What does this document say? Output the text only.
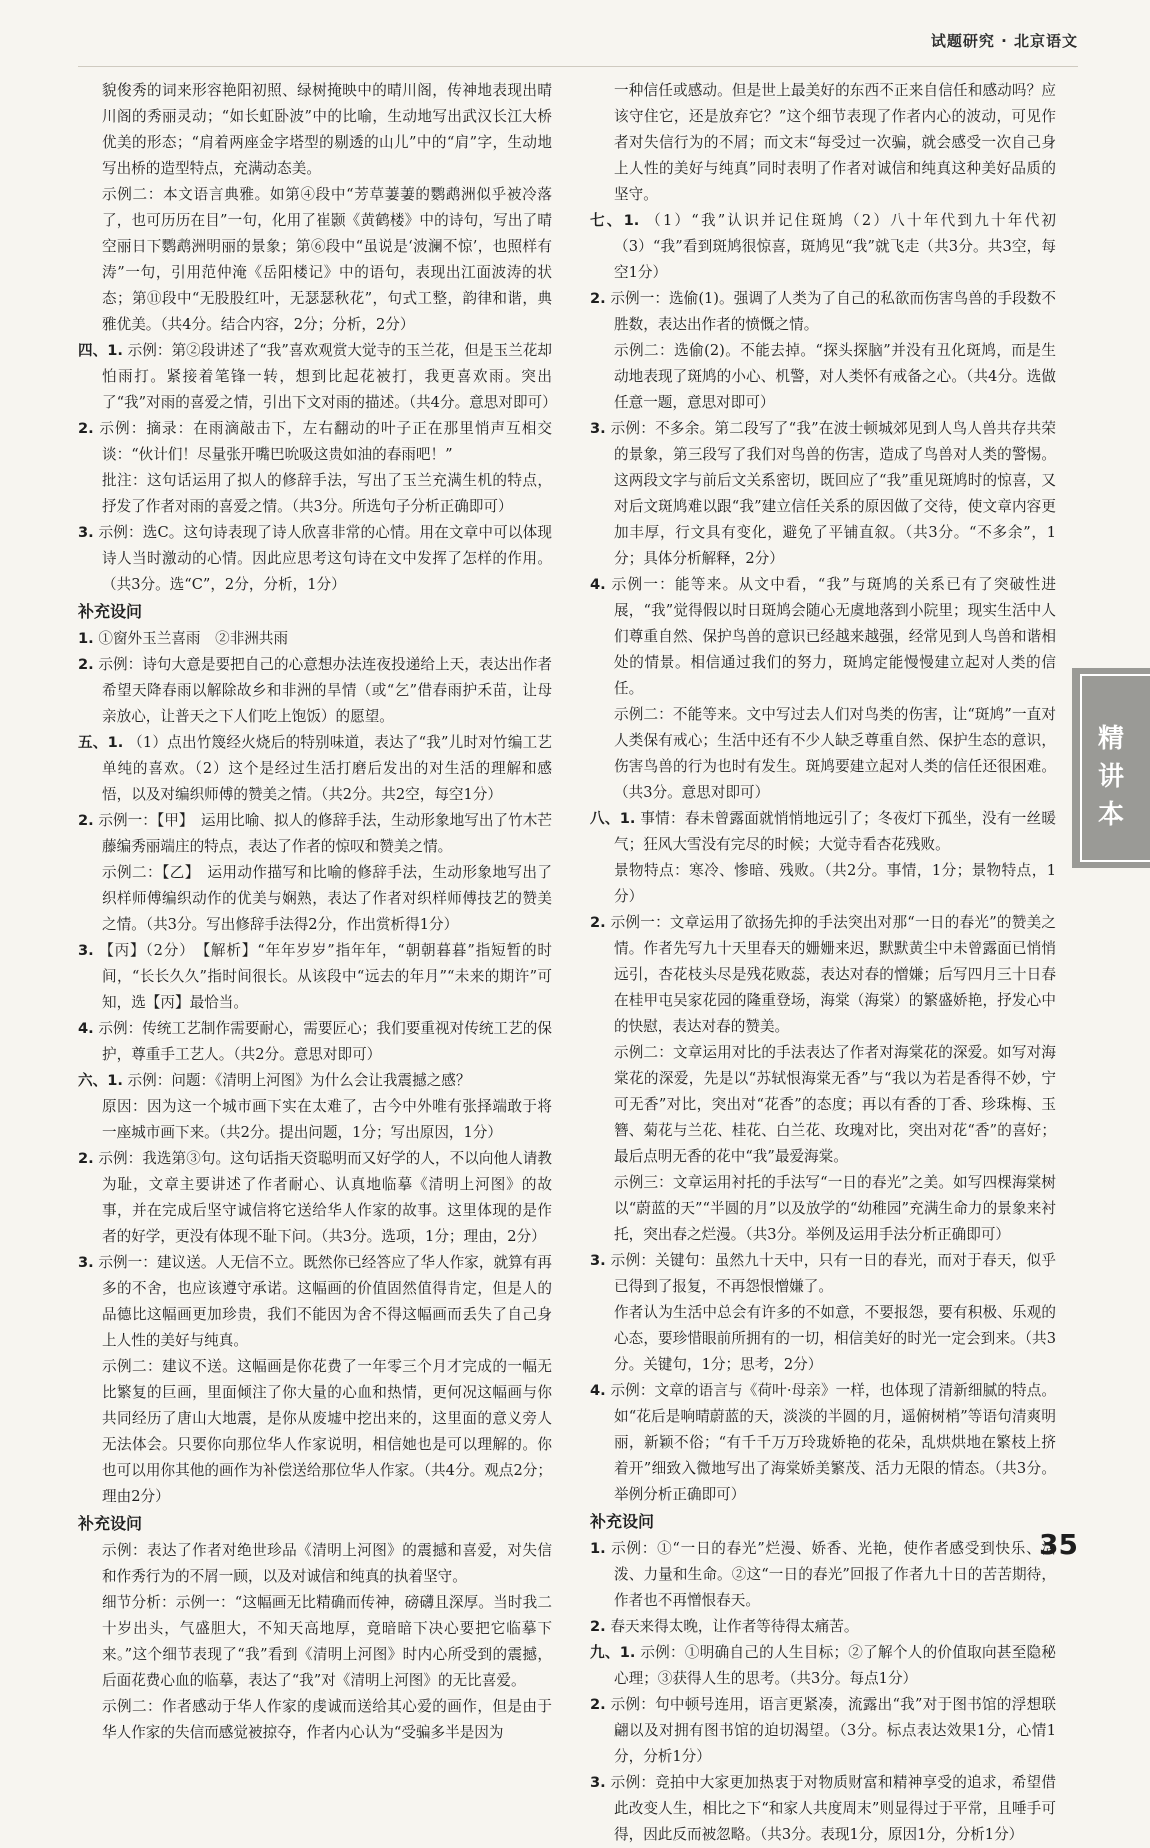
试题研究 · 北京语文

貌俊秀的词来形容艳阳初照、绿树掩映中的晴川阁，传神地表现出晴川阁的秀丽灵动；“如长虹卧波”中的比喻，生动地写出武汉长江大桥优美的形态；“肩着两座金字塔型的剔透的山儿”中的“肩”字，生动地写出桥的造型特点，充满动态美。

示例二：本文语言典雅。如第④段中“芳草萋萋的鹦鹉洲似乎被冷落了，也可历历在目”一句，化用了崔颢《黄鹤楼》中的诗句，写出了晴空丽日下鹦鹉洲明丽的景象；第⑥段中“虽说是‘波澜不惊’，也照样有涛”一句，引用范仲淹《岳阳楼记》中的语句，表现出江面波涛的状态；第⑪段中“无股股红叶，无瑟瑟秋花”，句式工整，韵律和谐，典雅优美。（共4分。结合内容，2分；分析，2分）

四、1. 示例：第②段讲述了“我”喜欢观赏大觉寺的玉兰花，但是玉兰花却怕雨打。紧接着笔锋一转，想到比起花被打，我更喜欢雨。突出了“我”对雨的喜爱之情，引出下文对雨的描述。（共4分。意思对即可）

2. 示例：摘录：在雨滴敲击下，左右翻动的叶子正在那里悄声互相交谈：“伙计们！尽量张开嘴巴吮吸这贵如油的春雨吧！”

批注：这句话运用了拟人的修辞手法，写出了玉兰充满生机的特点，抒发了作者对雨的喜爱之情。（共3分。所选句子分析正确即可）

3. 示例：选C。这句诗表现了诗人欣喜非常的心情。用在文章中可以体现诗人当时激动的心情。因此应思考这句诗在文中发挥了怎样的作用。（共3分。选“C”，2分，分析，1分）

补充设问

1. ①窗外玉兰喜雨　②非洲共雨

2. 示例：诗句大意是要把自己的心意想办法连夜投递给上天，表达出作者希望天降春雨以解除故乡和非洲的旱情（或“乞”借春雨护禾苗，让母亲放心，让普天之下人们吃上饱饭）的愿望。

五、1. （1）点出竹篾经火烧后的特别味道，表达了“我”儿时对竹编工艺单纯的喜欢。（2）这个是经过生活打磨后发出的对生活的理解和感悟，以及对编织师傅的赞美之情。（共2分。共2空，每空1分）

2. 示例一：【甲】　运用比喻、拟人的修辞手法，生动形象地写出了竹木芒藤编秀丽端庄的特点，表达了作者的惊叹和赞美之情。

示例二：【乙】　运用动作描写和比喻的修辞手法，生动形象地写出了织样师傅编织动作的优美与娴熟，表达了作者对织样师傅技艺的赞美之情。（共3分。写出修辞手法得2分，作出赏析得1分）

3. 【丙】（2分）　【解析】“年年岁岁”指年年，“朝朝暮暮”指短暂的时间，“长长久久”指时间很长。从该段中“远去的年月”“未来的期许”可知，选【丙】最恰当。

4. 示例：传统工艺制作需要耐心，需要匠心；我们要重视对传统工艺的保护，尊重手工艺人。（共2分。意思对即可）

六、1. 示例：问题：《清明上河图》为什么会让我震撼之感？

原因：因为这一个城市画下实在太难了，古今中外唯有张择端敢于将一座城市画下来。（共2分。提出问题，1分；写出原因，1分）

2. 示例：我选第③句。这句话指天资聪明而又好学的人，不以向他人请教为耻，文章主要讲述了作者耐心、认真地临摹《清明上河图》的故事，并在完成后坚守诚信将它送给华人作家的故事。这里体现的是作者的好学，更没有体现不耻下问。（共3分。选项，1分；理由，2分）

3. 示例一：建议送。人无信不立。既然你已经答应了华人作家，就算有再多的不舍，也应该遵守承诺。这幅画的价值固然值得肯定，但是人的品德比这幅画更加珍贵，我们不能因为舍不得这幅画而丢失了自己身上人性的美好与纯真。

示例二：建议不送。这幅画是你花费了一年零三个月才完成的一幅无比繁复的巨画，里面倾注了你大量的心血和热情，更何况这幅画与你共同经历了唐山大地震，是你从废墟中挖出来的，这里面的意义旁人无法体会。只要你向那位华人作家说明，相信她也是可以理解的。你也可以用你其他的画作为补偿送给那位华人作家。（共4分。观点2分；理由2分）

补充设问

示例：表达了作者对绝世珍品《清明上河图》的震撼和喜爱，对失信和作秀行为的不屑一顾，以及对诚信和纯真的执着坚守。

细节分析：示例一：“这幅画无比精确而传神，磅礴且深厚。当时我二十岁出头，气盛胆大，不知天高地厚，竟暗暗下决心要把它临摹下来。”这个细节表现了“我”看到《清明上河图》时内心所受到的震撼，后面花费心血的临摹，表达了“我”对《清明上河图》的无比喜爱。

示例二：作者感动于华人作家的虔诚而送给其心爱的画作，但是由于华人作家的失信而感觉被掠夺，作者内心认为“受骗多半是因为

一种信任或感动。但是世上最美好的东西不正来自信任和感动吗？应该守住它，还是放弃它？”这个细节表现了作者内心的波动，可见作者对失信行为的不屑；而文末“每受过一次骗，就会感受一次自己身上人性的美好与纯真”同时表明了作者对诚信和纯真这种美好品质的坚守。

七、1. （1）“我”认识并记住斑鸠（2）八十年代到九十年代初（3）“我”看到斑鸠很惊喜，斑鸠见“我”就飞走（共3分。共3空，每空1分）

2. 示例一：选偷(1)。强调了人类为了自己的私欲而伤害鸟兽的手段数不胜数，表达出作者的愤慨之情。

示例二：选偷(2)。不能去掉。“探头探脑”并没有丑化斑鸠，而是生动地表现了斑鸠的小心、机警，对人类怀有戒备之心。（共4分。选做任意一题，意思对即可）

3. 示例：不多余。第二段写了“我”在波士顿城郊见到人鸟人兽共存共荣的景象，第三段写了我们对鸟兽的伤害，造成了鸟兽对人类的警惕。这两段文字与前后文关系密切，既回应了“我”重见斑鸠时的惊喜，又对后文斑鸠难以跟“我”建立信任关系的原因做了交待，使文章内容更加丰厚，行文具有变化，避免了平铺直叙。（共3分。“不多余”，1分；具体分析解释，2分）

4. 示例一：能等来。从文中看，“我”与斑鸠的关系已有了突破性进展，“我”觉得假以时日斑鸠会随心无虞地落到小院里；现实生活中人们尊重自然、保护鸟兽的意识已经越来越强，经常见到人鸟兽和谐相处的情景。相信通过我们的努力，斑鸠定能慢慢建立起对人类的信任。

示例二：不能等来。文中写过去人们对鸟类的伤害，让“斑鸠”一直对人类保有戒心；生活中还有不少人缺乏尊重自然、保护生态的意识，伤害鸟兽的行为也时有发生。斑鸠要建立起对人类的信任还很困难。（共3分。意思对即可）

八、1. 事情：春未曾露面就悄悄地远引了；冬夜灯下孤坐，没有一丝暖气；狂风大雪没有完尽的时候；大觉寺看杏花残败。

景物特点：寒冷、惨暗、残败。（共2分。事情，1分；景物特点，1分）

2. 示例一：文章运用了欲扬先抑的手法突出对那“一日的春光”的赞美之情。作者先写九十天里春天的姗姗来迟，默默黄尘中未曾露面已悄悄远引，杏花枝头尽是残花败蕊，表达对春的憎嫌；后写四月三十日春在桂甲屯吴家花园的隆重登场，海棠（海棠）的繁盛娇艳，抒发心中的快慰，表达对春的赞美。

示例二：文章运用对比的手法表达了作者对海棠花的深爱。如写对海棠花的深爱，先是以“苏轼恨海棠无香”与“我以为若是香得不妙，宁可无香”对比，突出对“花香”的态度；再以有香的丁香、珍珠梅、玉簪、菊花与兰花、桂花、白兰花、玫瑰对比，突出对花“香”的喜好；最后点明无香的花中“我”最爱海棠。

示例三：文章运用衬托的手法写“一日的春光”之美。如写四棵海棠树以“蔚蓝的天”“半圆的月”以及放学的“幼稚园”充满生命力的景象来衬托，突出春之烂漫。（共3分。举例及运用手法分析正确即可）

3. 示例：关键句：虽然九十天中，只有一日的春光，而对于春天，似乎已得到了报复，不再怨恨憎嫌了。

作者认为生活中总会有许多的不如意，不要报怨，要有积极、乐观的心态，要珍惜眼前所拥有的一切，相信美好的时光一定会到来。（共3分。关键句，1分；思考，2分）

4. 示例：文章的语言与《荷叶·母亲》一样，也体现了清新细腻的特点。如“花后是响晴蔚蓝的天，淡淡的半圆的月，遥俯树梢”等语句清爽明丽，新颖不俗；“有千千万万玲珑娇艳的花朵，乱烘烘地在繁枝上挤着开”细致入微地写出了海棠娇美繁茂、活力无限的情态。（共3分。举例分析正确即可）

补充设问

1. 示例：①“一日的春光”烂漫、娇香、光艳，使作者感受到快乐、活泼、力量和生命。②这“一日的春光”回报了作者九十日的苦苦期待，作者也不再憎恨春天。

2. 春天来得太晚，让作者等待得太痛苦。

九、1. 示例：①明确自己的人生目标；②了解个人的价值取向甚至隐秘心理；③获得人生的思考。（共3分。每点1分）

2. 示例：句中顿号连用，语言更紧凑，流露出“我”对于图书馆的浮想联翩以及对拥有图书馆的迫切渴望。（3分。标点表达效果1分，心情1分，分析1分）

3. 示例：竞拍中大家更加热衷于对物质财富和精神享受的追求，希望借此改变人生，相比之下“和家人共度周末”则显得过于平常，且唾手可得，因此反而被忽略。（共3分。表现1分，原因1分，分析1分）

精
讲
本
35
